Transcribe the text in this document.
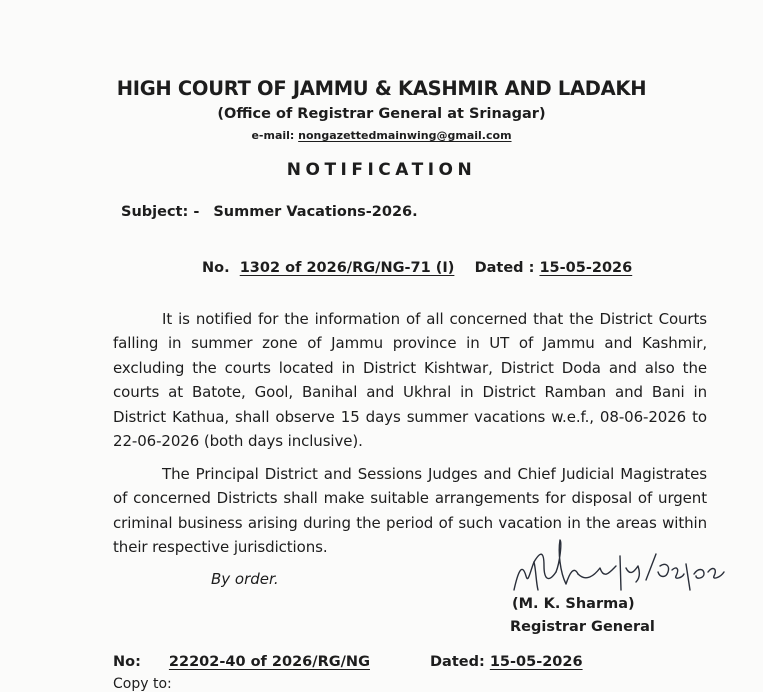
HIGH COURT OF JAMMU & KASHMIR AND LADAKH
(Office of Registrar General at Srinagar)
e-mail: nongazettedmainwing@gmail.com
NOTIFICATION
Subject: - Summer Vacations-2026.
No. 1302 of 2026/RG/NG-71 (I) Dated : 15-05-2026
It is notified for the information of all concerned that the District Courts falling in summer zone of Jammu province in UT of Jammu and Kashmir, excluding the courts located in District Kishtwar, District Doda and also the courts at Batote, Gool, Banihal and Ukhral in District Ramban and Bani in District Kathua, shall observe 15 days summer vacations w.e.f., 08-06-2026 to 22-06-2026 (both days inclusive).
The Principal District and Sessions Judges and Chief Judicial Magistrates of concerned Districts shall make suitable arrangements for disposal of urgent criminal business arising during the period of such vacation in the areas within their respective jurisdictions.
By order.
(M. K. Sharma)
Registrar General
No: 22202-40 of 2026/RG/NG	Dated: 15-05-2026
Copy to:
